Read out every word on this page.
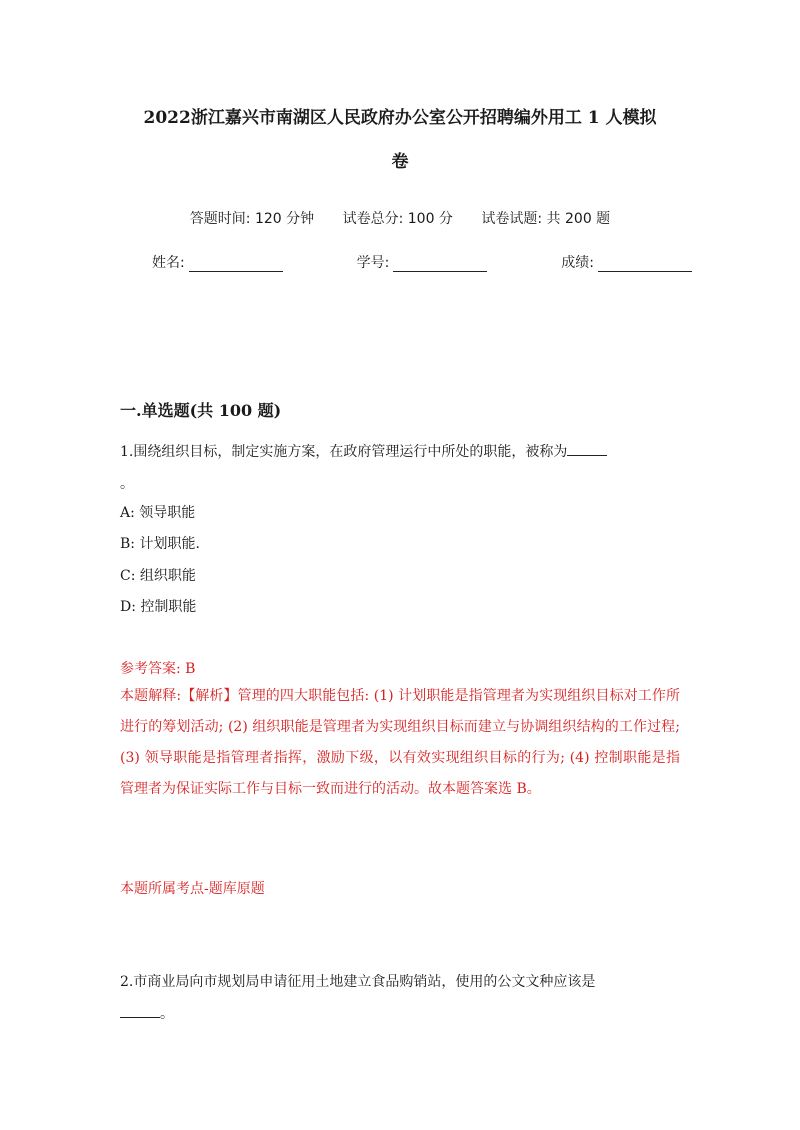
2022浙江嘉兴市南湖区人民政府办公室公开招聘编外用工 1 人模拟
卷
答题时间: 120 分钟 试卷总分: 100 分 试卷试题: 共 200 题
姓名:	学号:	成绩:
一.单选题(共 100 题)
1.围绕组织目标，制定实施方案，在政府管理运行中所处的职能，被称为
。
A: 领导职能
B: 计划职能.
C: 组织职能
D: 控制职能
参考答案: B
本题解释:【解析】管理的四大职能包括: (1) 计划职能是指管理者为实现组织目标对工作所进行的筹划活动; (2) 组织职能是管理者为实现组织目标而建立与协调组织结构的工作过程; (3) 领导职能是指管理者指挥，激励下级，以有效实现组织目标的行为; (4) 控制职能是指管理者为保证实际工作与目标一致而进行的活动。故本题答案选 B。
本题所属考点-题库原题
2.市商业局向市规划局申请征用土地建立食品购销站，使用的公文文种应该是
。
